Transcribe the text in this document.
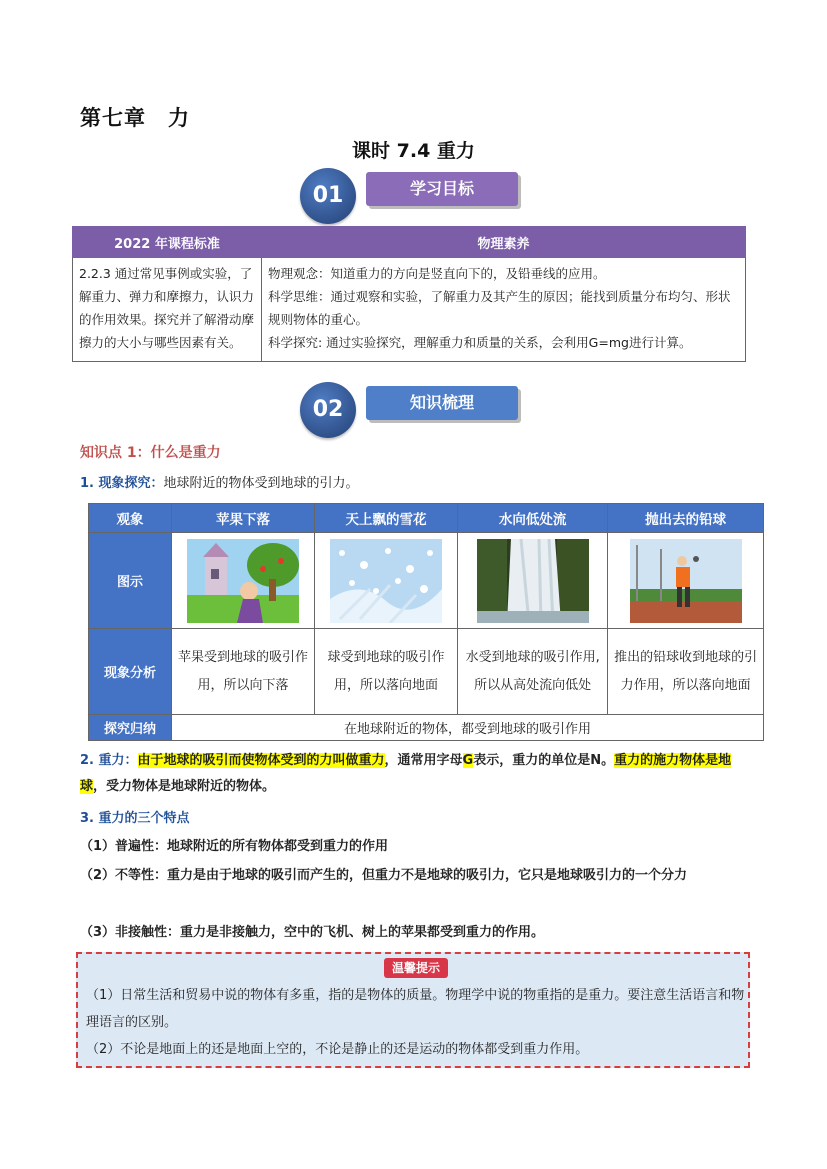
第七章　力
课时 7.4 重力
01	学习目标
2022 年课程标准	物理素养
2.2.3 通过常见事例或实验，了解重力、弹力和摩擦力，认识力的作用效果。探究并了解滑动摩擦力的大小与哪些因素有关。	物理观念：知道重力的方向是竖直向下的，及铅垂线的应用。
科学思维：通过观察和实验，了解重力及其产生的原因；能找到质量分布均匀、形状规则物体的重心。
科学探究: 通过实验探究，理解重力和质量的关系，会利用G=mg进行计算。
02	知识梳理
知识点 1：什么是重力
1. 现象探究：地球附近的物体受到地球的引力。
观象	苹果下落	天上飘的雪花	水向低处流	抛出去的铅球
图示	

现象分析	苹果受到地球的吸引作用，所以向下落	球受到地球的吸引作用，所以落向地面	水受到地球的吸引作用,所以从高处流向低处	推出的铅球收到地球的引力作用，所以落向地面
探究归纳	在地球附近的物体，都受到地球的吸引作用			
2. 重力：由于地球的吸引而使物体受到的力叫做重力，通常用字母G表示，重力的单位是N。重力的施力物体是地球，受力物体是地球附近的物体。
3. 重力的三个特点
（1）普遍性：地球附近的所有物体都受到重力的作用
（2）不等性：重力是由于地球的吸引而产生的，但重力不是地球的吸引力，它只是地球吸引力的一个分力
（3）非接触性：重力是非接触力，空中的飞机、树上的苹果都受到重力的作用。
温馨提示
（1）日常生活和贸易中说的物体有多重，指的是物体的质量。物理学中说的物重指的是重力。要注意生活语言和物理语言的区别。
（2）不论是地面上的还是地面上空的，不论是静止的还是运动的物体都受到重力作用。
